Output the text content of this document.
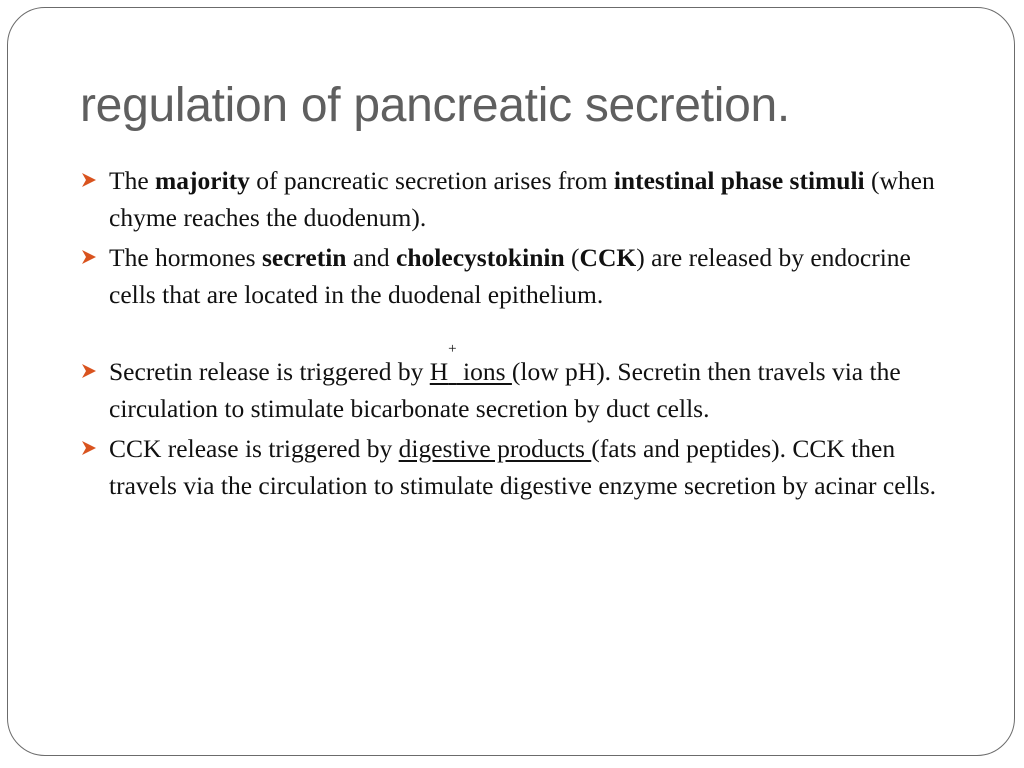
regulation of pancreatic secretion.
The majority of pancreatic secretion arises from intestinal phase stimuli (when chyme reaches the duodenum).
The hormones secretin and cholecystokinin (CCK) are released by endocrine cells that are located in the duodenal epithelium.
Secretin release is triggered by H+ ions (low pH). Secretin then travels via the circulation to stimulate bicarbonate secretion by duct cells.
CCK release is triggered by digestive products (fats and peptides). CCK then travels via the circulation to stimulate digestive enzyme secretion by acinar cells.
